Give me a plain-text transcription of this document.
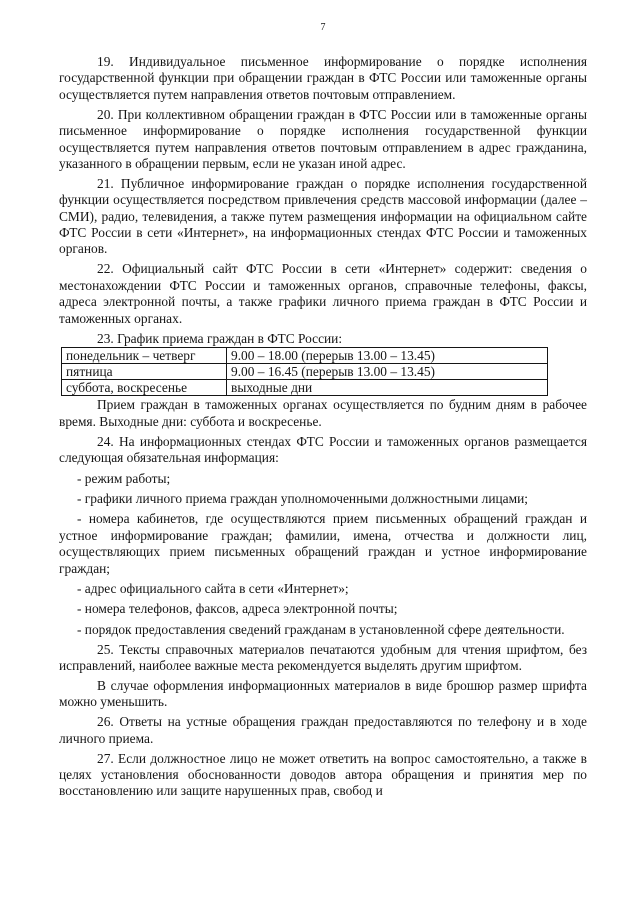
7

19. Индивидуальное письменное информирование о порядке исполнения государственной функции при обращении граждан в ФТС России или таможенные органы осуществляется путем направления ответов почтовым отправлением.

20. При коллективном обращении граждан в ФТС России или в таможенные органы письменное информирование о порядке исполнения государственной функции осуществляется путем направления ответов почтовым отправлением в адрес гражданина, указанного в обращении первым, если не указан иной адрес.

21. Публичное информирование граждан о порядке исполнения государственной функции осуществляется посредством привлечения средств массовой информации (далее – СМИ), радио, телевидения, а также путем размещения информации на официальном сайте ФТС России в сети «Интернет», на информационных стендах ФТС России и таможенных органов.

22. Официальный сайт ФТС России в сети «Интернет» содержит: сведения о местонахождении ФТС России и таможенных органов, справочные телефоны, факсы, адреса электронной почты, а также графики личного приема граждан в ФТС России и таможенных органах.

23. График приема граждан в ФТС России:

понедельник – четверг	9.00 – 18.00 (перерыв 13.00 – 13.45)
пятница	9.00 – 16.45 (перерыв 13.00 – 13.45)
суббота, воскресенье	выходные дни

Прием граждан в таможенных органах осуществляется по будним дням в рабочее время. Выходные дни: суббота и воскресенье.

24. На информационных стендах ФТС России и таможенных органов размещается следующая обязательная информация:

- режим работы;

- графики личного приема граждан уполномоченными должностными лицами;

- номера кабинетов, где осуществляются прием письменных обращений граждан и устное информирование граждан; фамилии, имена, отчества и должности лиц, осуществляющих прием письменных обращений граждан и устное информирование граждан;

- адрес официального сайта в сети «Интернет»;

- номера телефонов, факсов, адреса электронной почты;

- порядок предоставления сведений гражданам в установленной сфере деятельности.

25. Тексты справочных материалов печатаются удобным для чтения шрифтом, без исправлений, наиболее важные места рекомендуется выделять другим шрифтом.

В случае оформления информационных материалов в виде брошюр размер шрифта можно уменьшить.

26. Ответы на устные обращения граждан предоставляются по телефону и в ходе личного приема.

27. Если должностное лицо не может ответить на вопрос самостоятельно, а также в целях установления обоснованности доводов автора обращения и принятия мер по восстановлению или защите нарушенных прав, свобод и
